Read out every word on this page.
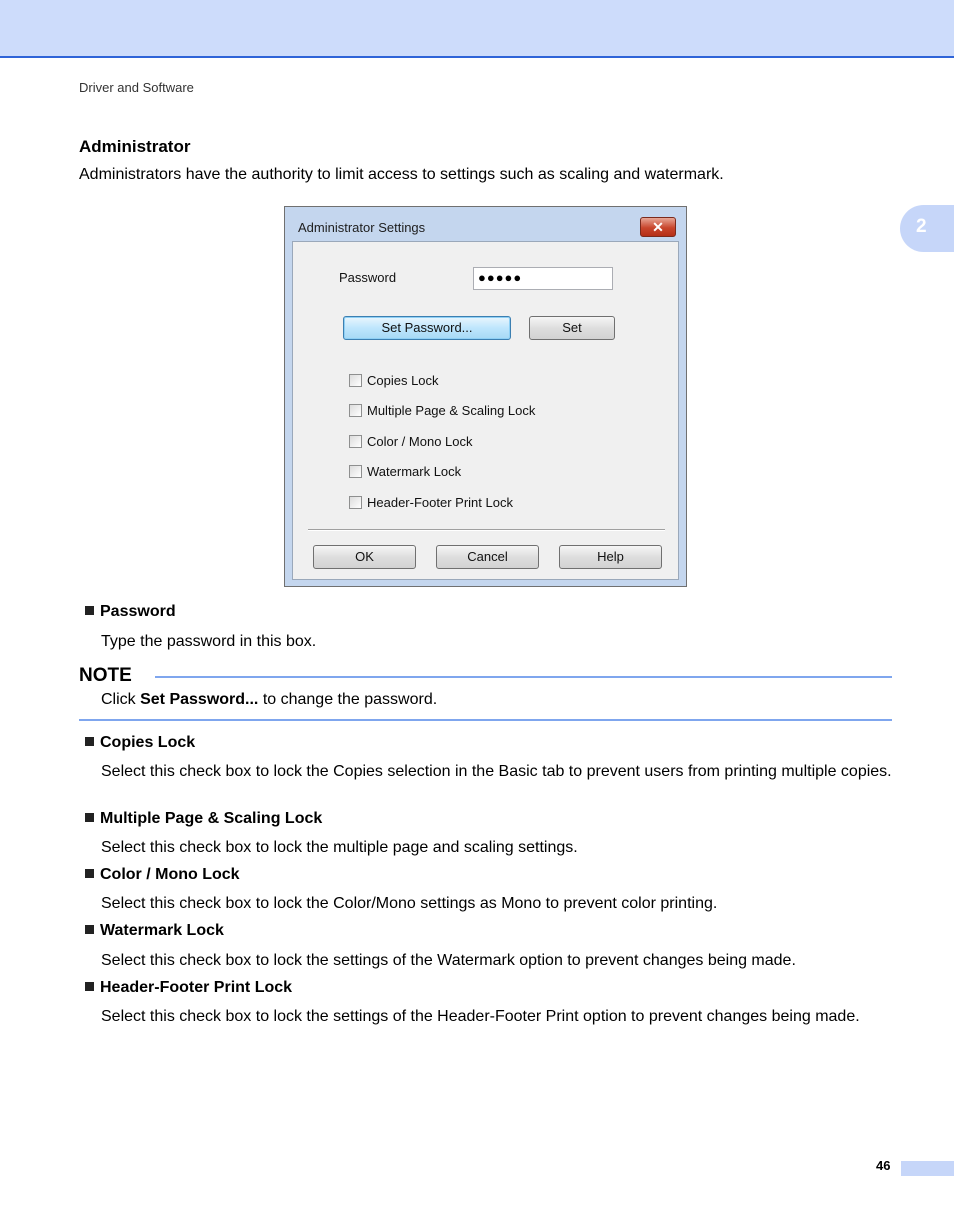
Driver and Software
2
Administrator
Administrators have the authority to limit access to settings such as scaling and watermark.
Administrator Settings	✕
Password	●●●●●
Set Password...	Set
Copies Lock
Multiple Page & Scaling Lock
Color / Mono Lock
Watermark Lock
Header-Footer Print Lock
OK	Cancel	Help
Password
Type the password in this box.
NOTE
Click Set Password... to change the password.
Copies Lock
Select this check box to lock the Copies selection in the Basic tab to prevent users from printing multiple copies.
Multiple Page & Scaling Lock
Select this check box to lock the multiple page and scaling settings.
Color / Mono Lock
Select this check box to lock the Color/Mono settings as Mono to prevent color printing.
Watermark Lock
Select this check box to lock the settings of the Watermark option to prevent changes being made.
Header-Footer Print Lock
Select this check box to lock the settings of the Header-Footer Print option to prevent changes being made.
46
